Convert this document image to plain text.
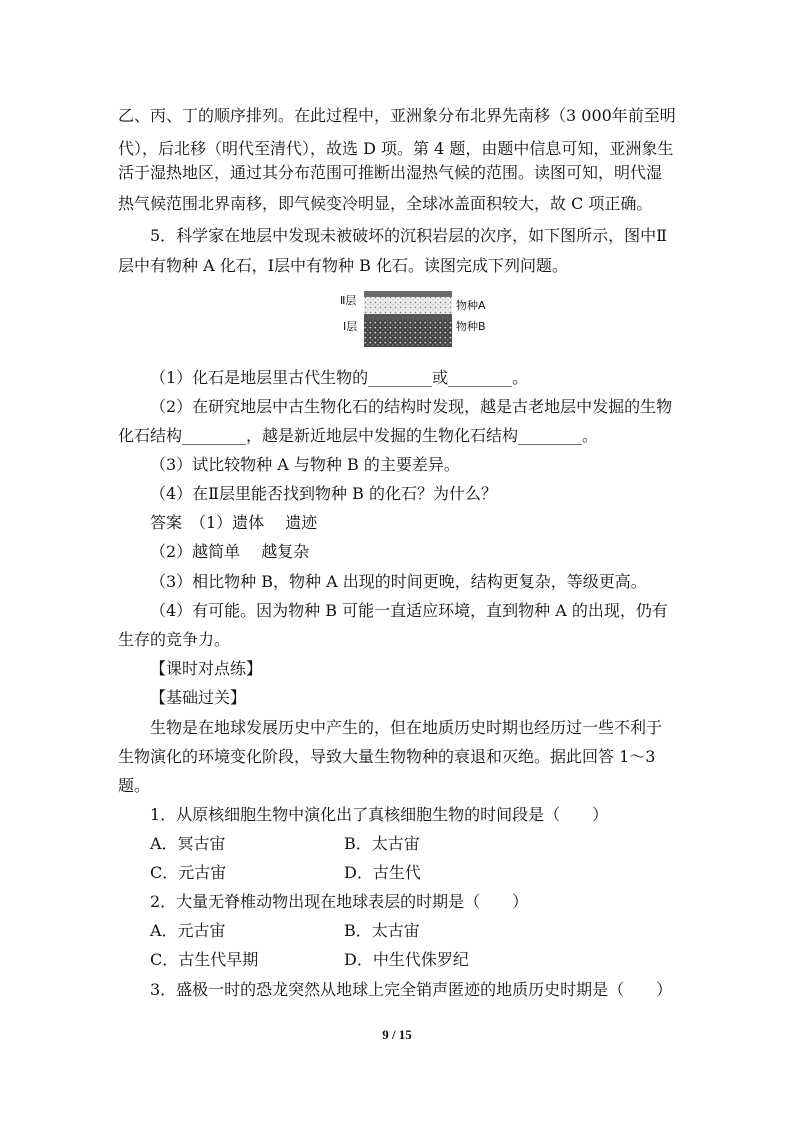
乙、丙、丁的顺序排列。在此过程中，亚洲象分布北界先南移（3 000年前至明
代），后北移（明代至清代），故选 D 项。第 4 题，由题中信息可知，亚洲象生
活于湿热地区，通过其分布范围可推断出湿热气候的范围。读图可知，明代湿
热气候范围北界南移，即气候变冷明显，全球冰盖面积较大，故 C 项正确。
5．科学家在地层中发现未被破坏的沉积岩层的次序，如下图所示，图中Ⅱ
层中有物种 A 化石，Ⅰ层中有物种 B 化石。读图完成下列问题。
Ⅱ层
Ⅰ层
物种A
物种B
（1）化石是地层里古代生物的________或________。
（2）在研究地层中古生物化石的结构时发现，越是古老地层中发掘的生物
化石结构________，越是新近地层中发掘的生物化石结构________。
（3）试比较物种 A 与物种 B 的主要差异。
（4）在Ⅱ层里能否找到物种 B 的化石？为什么？
答案　（1）遗体　 遗迹
（2）越简单　 越复杂
（3）相比物种 B，物种 A 出现的时间更晚，结构更复杂，等级更高。
（4）有可能。因为物种 B 可能一直适应环境，直到物种 A 的出现，仍有
生存的竞争力。
【课时对点练】
【基础过关】
生物是在地球发展历史中产生的，但在地质历史时期也经历过一些不利于
生物演化的环境变化阶段，导致大量生物物种的衰退和灭绝。据此回答 1～3
题。
1．从原核细胞生物中演化出了真核细胞生物的时间段是（　　）
A．冥古宙	B．太古宙
C．元古宙	D．古生代
2．大量无脊椎动物出现在地球表层的时期是（　　）
A．元古宙	B．太古宙
C．古生代早期	D．中生代侏罗纪
3．盛极一时的恐龙突然从地球上完全销声匿迹的地质历史时期是（　　）
9 / 15
